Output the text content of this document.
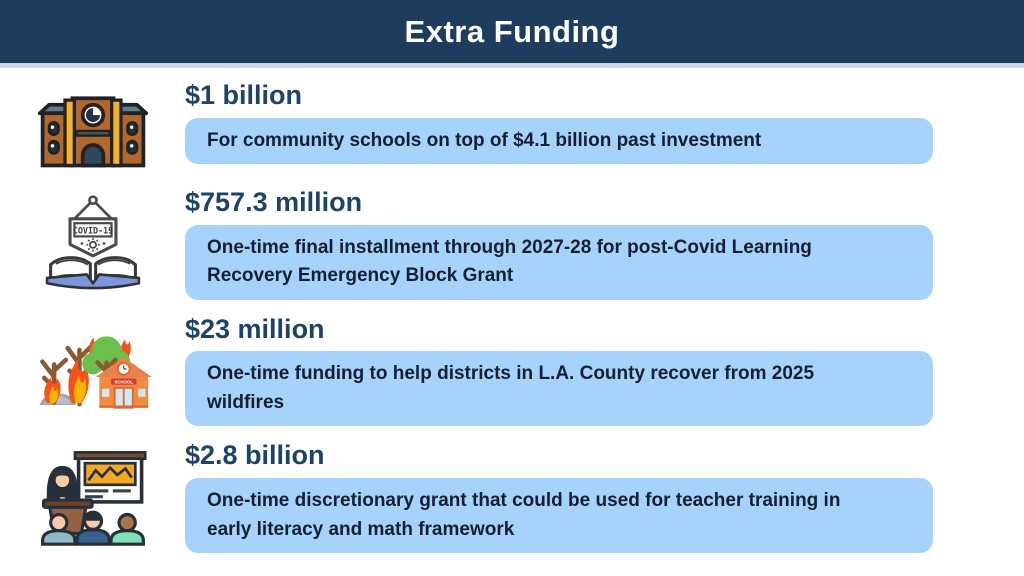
Extra Funding
$1 billion
For community schools on top of $4.1 billion past investment
COVID-19
$757.3 million
One-time final installment through 2027-28 for post-Covid Learning Recovery Emergency Block Grant
SCHOOL
$23 million
One-time funding to help districts in L.A. County recover from 2025 wildfires
$2.8 billion
One-time discretionary grant that could be used for teacher training in early literacy and math framework
